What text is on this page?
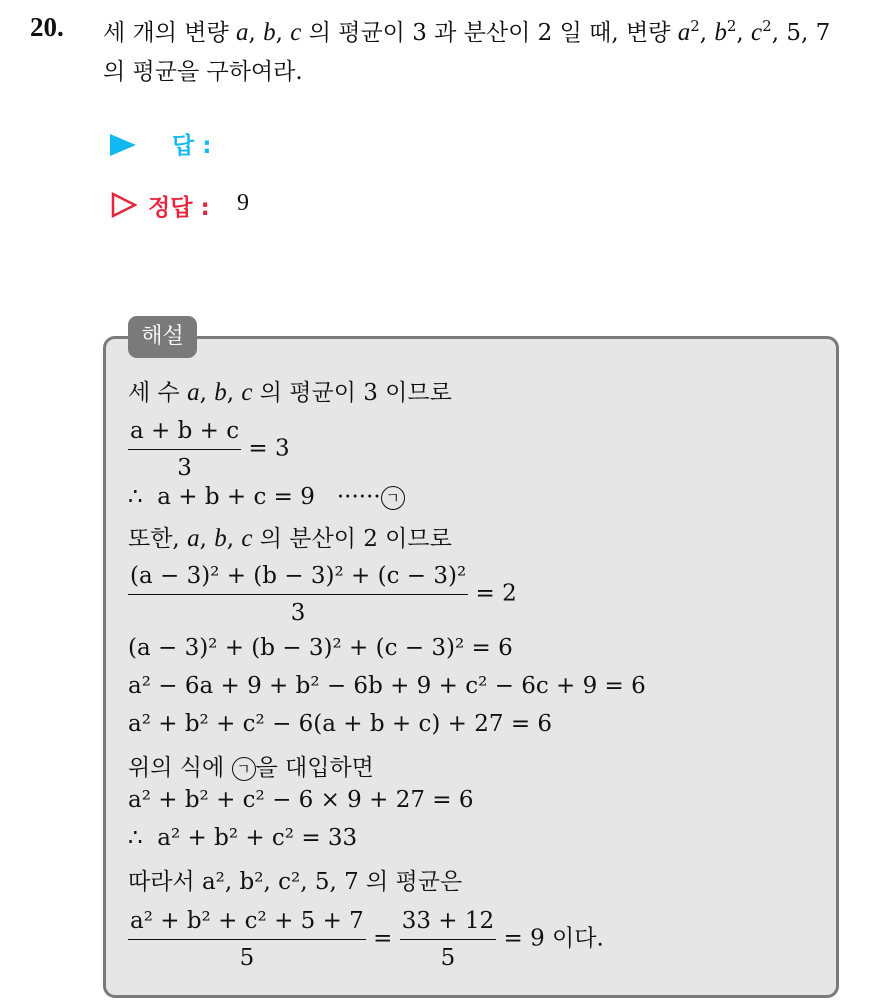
20. 세 개의 변량 a, b, c 의 평균이 3 과 분산이 2 일 때, 변량 $a^2$, $b^2$, $c^2$, 5, 7
의 평균을 구하여라.
답 :
정답 : 9
해설
세 수 a, b, c 의 평균이 3 이므로
$\frac{a + b + c}{3} = 3$
∴ a + b + c = 9 ······ ㄱ
또한, a, b, c 의 분산이 2 이므로
$\frac{\text{(a − 3)² + (b − 3)² + (c − 3)²}}{3} = 2$
(a − 3)² + (b − 3)² + (c − 3)² = 6
a² − 6a + 9 + b² − 6b + 9 + c² − 6c + 9 = 6
a² + b² + c² − 6(a + b + c) + 27 = 6
위의 식에 ㄱ 을 대입하면
a² + b² + c² − 6 × 9 + 27 = 6
∴ a² + b² + c² = 33
따라서 a², b², c², 5, 7 의 평균은
$\frac{\text{a² + b² + c² + 5 + 7}}{5} = \frac{33 + 12}{5} = 9$ 이다.
